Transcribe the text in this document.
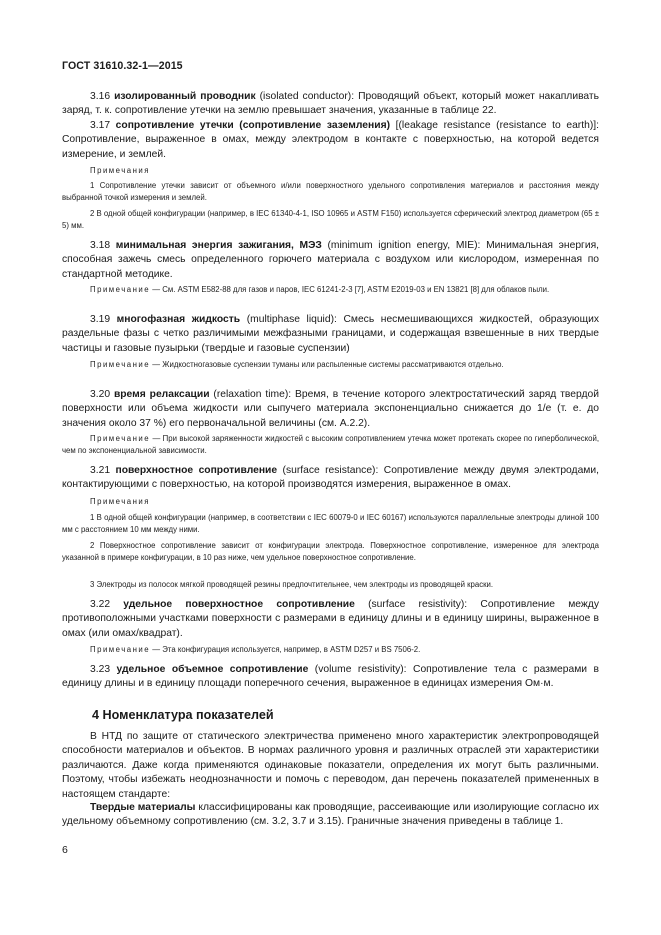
ГОСТ 31610.32-1—2015

3.16 изолированный проводник (isolated conductor): Проводящий объект, который может накапливать заряд, т. к. сопротивление утечки на землю превышает значения, указанные в таблице 22.

3.17 сопротивление утечки (сопротивление заземления) [(leakage resistance (resistance to earth)]: Сопротивление, выраженное в омах, между электродом в контакте с поверхностью, на которой ведется измерение, и землей.

Примечания

1 Сопротивление утечки зависит от объемного и/или поверхностного удельного сопротивления материалов и расстояния между выбранной точкой измерения и землей.

2 В одной общей конфигурации (например, в IEC 61340-4-1, ISO 10965 и ASTM F150) используется сферический электрод диаметром (65 ± 5) мм.

3.18 минимальная энергия зажигания, МЭЗ (minimum ignition energy, MIE): Минимальная энергия, способная зажечь смесь определенного горючего материала с воздухом или кислородом, измеренная по стандартной методике.

Примечание — См. ASTM E582-88 для газов и паров, IEC 61241-2-3 [7], ASTM E2019-03 и EN 13821 [8] для облаков пыли.

3.19 многофазная жидкость (multiphase liquid): Смесь несмешивающихся жидкостей, образующих раздельные фазы с четко различимыми межфазными границами, и содержащая взвешенные в них твердые частицы и газовые пузырьки (твердые и газовые суспензии)

Примечание — Жидкостногазовые суспензии туманы или распыленные системы рассматриваются отдельно.

3.20 время релаксации (relaxation time): Время, в течение которого электростатический заряд твердой поверхности или объема жидкости или сыпучего материала экспоненциально снижается до 1/е (т. е. до значения около 37 %) его первоначальной величины (см. А.2.2).

Примечание — При высокой заряженности жидкостей с высоким сопротивлением утечка может протекать скорее по гиперболической, чем по экспоненциальной зависимости.

3.21 поверхностное сопротивление (surface resistance): Сопротивление между двумя электродами, контактирующими с поверхностью, на которой производятся измерения, выраженное в омах.

Примечания

1 В одной общей конфигурации (например, в соответствии с IEC 60079-0 и IEC 60167) используются параллельные электроды длиной 100 мм с расстоянием 10 мм между ними.

2 Поверхностное сопротивление зависит от конфигурации электрода. Поверхностное сопротивление, измеренное для электрода указанной в примере конфигурации, в 10 раз ниже, чем удельное поверхностное сопротивление.

3 Электроды из полосок мягкой проводящей резины предпочтительнее, чем электроды из проводящей краски.

3.22 удельное поверхностное сопротивление (surface resistivity): Сопротивление между противоположными участками поверхности с размерами в единицу длины и в единицу ширины, выраженное в омах (или омах/квадрат).

Примечание — Эта конфигурация используется, например, в ASTM D257 и BS 7506-2.

3.23 удельное объемное сопротивление (volume resistivity): Сопротивление тела с размерами в единицу длины и в единицу площади поперечного сечения, выраженное в единицах измерения Ом·м.

4 Номенклатура показателей

В НТД по защите от статического электричества применено много характеристик электропроводящей способности материалов и объектов. В нормах различного уровня и различных отраслей эти характеристики различаются. Даже когда применяются одинаковые показатели, определения их могут быть различными. Поэтому, чтобы избежать неоднозначности и помочь с переводом, дан перечень показателей примененных в настоящем стандарте:

Твердые материалы классифицированы как проводящие, рассеивающие или изолирующие согласно их удельному объемному сопротивлению (см. 3.2, 3.7 и 3.15). Граничные значения приведены в таблице 1.

6
